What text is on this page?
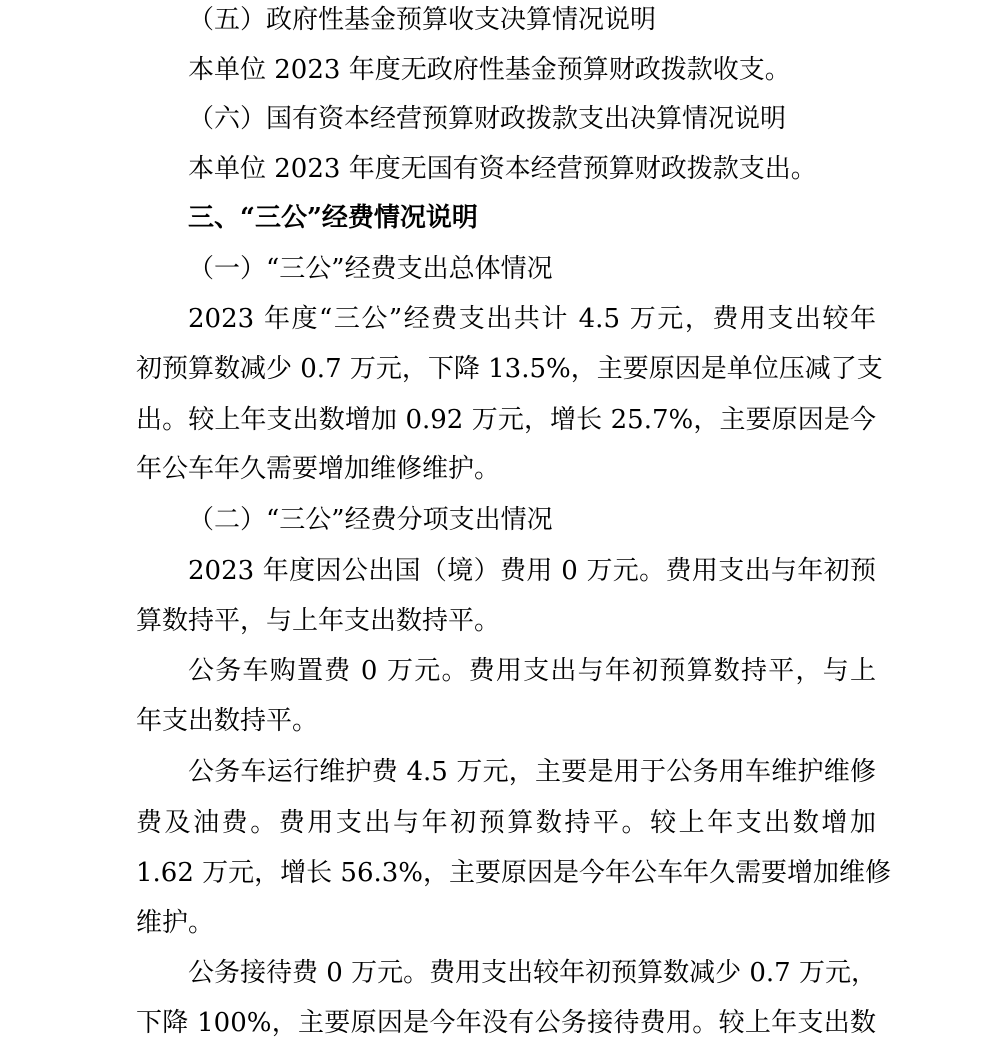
（五）政府性基金预算收支决算情况说明
本单位 2023 年度无政府性基金预算财政拨款收支。
（六）国有资本经营预算财政拨款支出决算情况说明
本单位 2023 年度无国有资本经营预算财政拨款支出。
三、“三公”经费情况说明
（一）“三公”经费支出总体情况
2023 年度“三公”经费支出共计 4.5 万元，费用支出较年
初预算数减少 0.7 万元，下降 13.5%，主要原因是单位压减了支
出。较上年支出数增加 0.92 万元，增长 25.7%，主要原因是今
年公车年久需要增加维修维护。
（二）“三公”经费分项支出情况
2023 年度因公出国（境）费用 0 万元。费用支出与年初预
算数持平，与上年支出数持平。
公务车购置费 0 万元。费用支出与年初预算数持平，与上
年支出数持平。
公务车运行维护费 4.5 万元，主要是用于公务用车维护维修
费及油费。费用支出与年初预算数持平。较上年支出数增加
1.62 万元，增长 56.3%，主要原因是今年公车年久需要增加维修
维护。
公务接待费 0 万元。费用支出较年初预算数减少 0.7 万元，
下降 100%，主要原因是今年没有公务接待费用。较上年支出数
